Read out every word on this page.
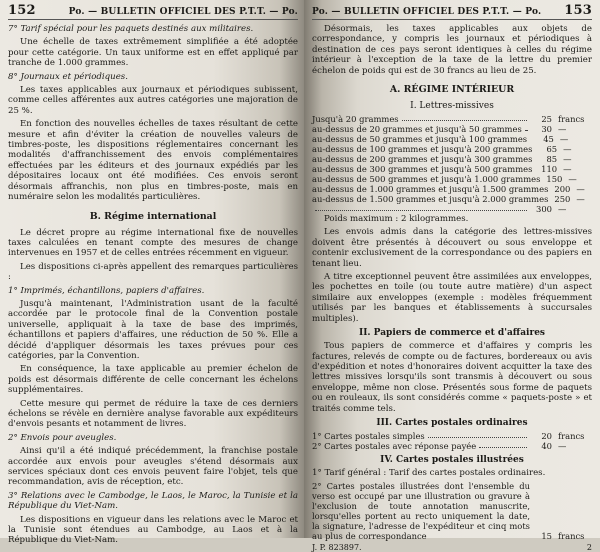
152	Po. — BULLETIN OFFICIEL DES P.T.T. — Po.

7° Tarif spécial pour les paquets destinés aux militaires.

Une échelle de taxes extrêmement simplifiée a été adoptée pour cette catégorie. Un taux uniforme est en effet appliqué par tranche de 1.000 grammes.

8° Journaux et périodiques.

Les taxes applicables aux journaux et périodiques subissent, comme celles afférentes aux autres catégories une majoration de 25 %.

En fonction des nouvelles échelles de taxes résultant de cette mesure et afin d'éviter la création de nouvelles valeurs de timbres-poste, les dispositions réglementaires concernant les modalités d'affranchissement des envois complémentaires effectuées par les éditeurs et des journaux expédiés par les dépositaires locaux ont été modifiées. Ces envois seront désormais affranchis, non plus en timbres-poste, mais en numéraire selon les modalités particulières.

B. Régime international

Le décret propre au régime international fixe de nouvelles taxes calculées en tenant compte des mesures de change intervenues en 1957 et de celles entrées récemment en vigueur.

Les dispositions ci-après appellent des remarques particulières :

1° Imprimés, échantillons, papiers d'affaires.

Jusqu'à maintenant, l'Administration usant de la faculté accordée par le protocole final de la Convention postale universelle, appliquait à la taxe de base des imprimés, échantillons et papiers d'affaires, une réduction de 50 %. Elle a décidé d'appliquer désormais les taxes prévues pour ces catégories, par la Convention.

En conséquence, la taxe applicable au premier échelon de poids est désormais différente de celle concernant les échelons supplémentaires.

Cette mesure qui permet de réduire la taxe de ces derniers échelons se révèle en dernière analyse favorable aux expéditeurs d'envois pesants et notamment de livres.

2° Envois pour aveugles.

Ainsi qu'il a été indiqué précédemment, la franchise postale accordée aux envois pour aveugles s'étend désormais aux services spéciaux dont ces envois peuvent faire l'objet, tels que recommandation, avis de réception, etc.

3° Relations avec le Cambodge, le Laos, le Maroc, la Tunisie et la République du Viet-Nam.

Les dispositions en vigueur dans les relations avec le Maroc et la Tunisie sont étendues au Cambodge, au Laos et à la République du Viet-Nam.

Po. — BULLETIN OFFICIEL DES P.T.T. — Po. 153

Désormais, les taxes applicables aux objets de correspondance, y compris les journaux et périodiques à destination de ces pays seront identiques à celles du régime intérieur à l'exception de la taxe de la lettre du premier échelon de poids qui est de 30 francs au lieu de 25.

A. RÉGIME INTÉRIEUR
I. Lettres-missives
Jusqu'à 20 grammes	25 francs
au-dessus de 20 grammes et jusqu'à 50 grammes	30 —
au-dessus de 50 grammes et jusqu'à 100 grammes	45 —
au-dessus de 100 grammes et jusqu'à 200 grammes	65 —
au-dessus de 200 grammes et jusqu'à 300 grammes	85 —
au-dessus de 300 grammes et jusqu'à 500 grammes	110 —
au-dessus de 500 grammes et jusqu'à 1.000 grammes 150 —
au-dessus de 1.000 grammes et jusqu'à 1.500 grammes 200 —
au-dessus de 1.500 grammes et jusqu'à 2.000 grammes 250 —
300 —

Poids maximum : 2 kilogrammes.

Les envois admis dans la catégorie des lettres-missives doivent être présentés à découvert ou sous enveloppe et contenir exclusivement de la correspondance ou des papiers en tenant lieu.

A titre exceptionnel peuvent être assimilées aux enveloppes, les pochettes en toile (ou toute autre matière) d'un aspect similaire aux enveloppes (exemple : modèles fréquemment utilisés par les banques et établissements à succursales multiples).

II. Papiers de commerce et d'affaires

Tous papiers de commerce et d'affaires y compris les factures, relevés de compte ou de factures, bordereaux ou avis d'expédition et notes d'honoraires doivent acquitter la taxe des lettres missives lorsqu'ils sont transmis à découvert ou sous enveloppe, même non close. Présentés sous forme de paquets ou en rouleaux, ils sont considérés comme « paquets-poste » et traités comme tels.

III. Cartes postales ordinaires
1° Cartes postales simples	20 francs
2° Cartes postales avec réponse payée	40 —
IV. Cartes postales illustrées

1° Tarif général : Tarif des cartes postales ordinaires.

2° Cartes postales illustrées dont l'ensemble du verso est occupé par une illustration ou gravure à l'exclusion de toute annotation manuscrite, lorsqu'elles portent au recto uniquement la date, la signature, l'adresse de l'expéditeur et cinq mots au plus de correspondance	15 francs
J. P. 823897.	2
